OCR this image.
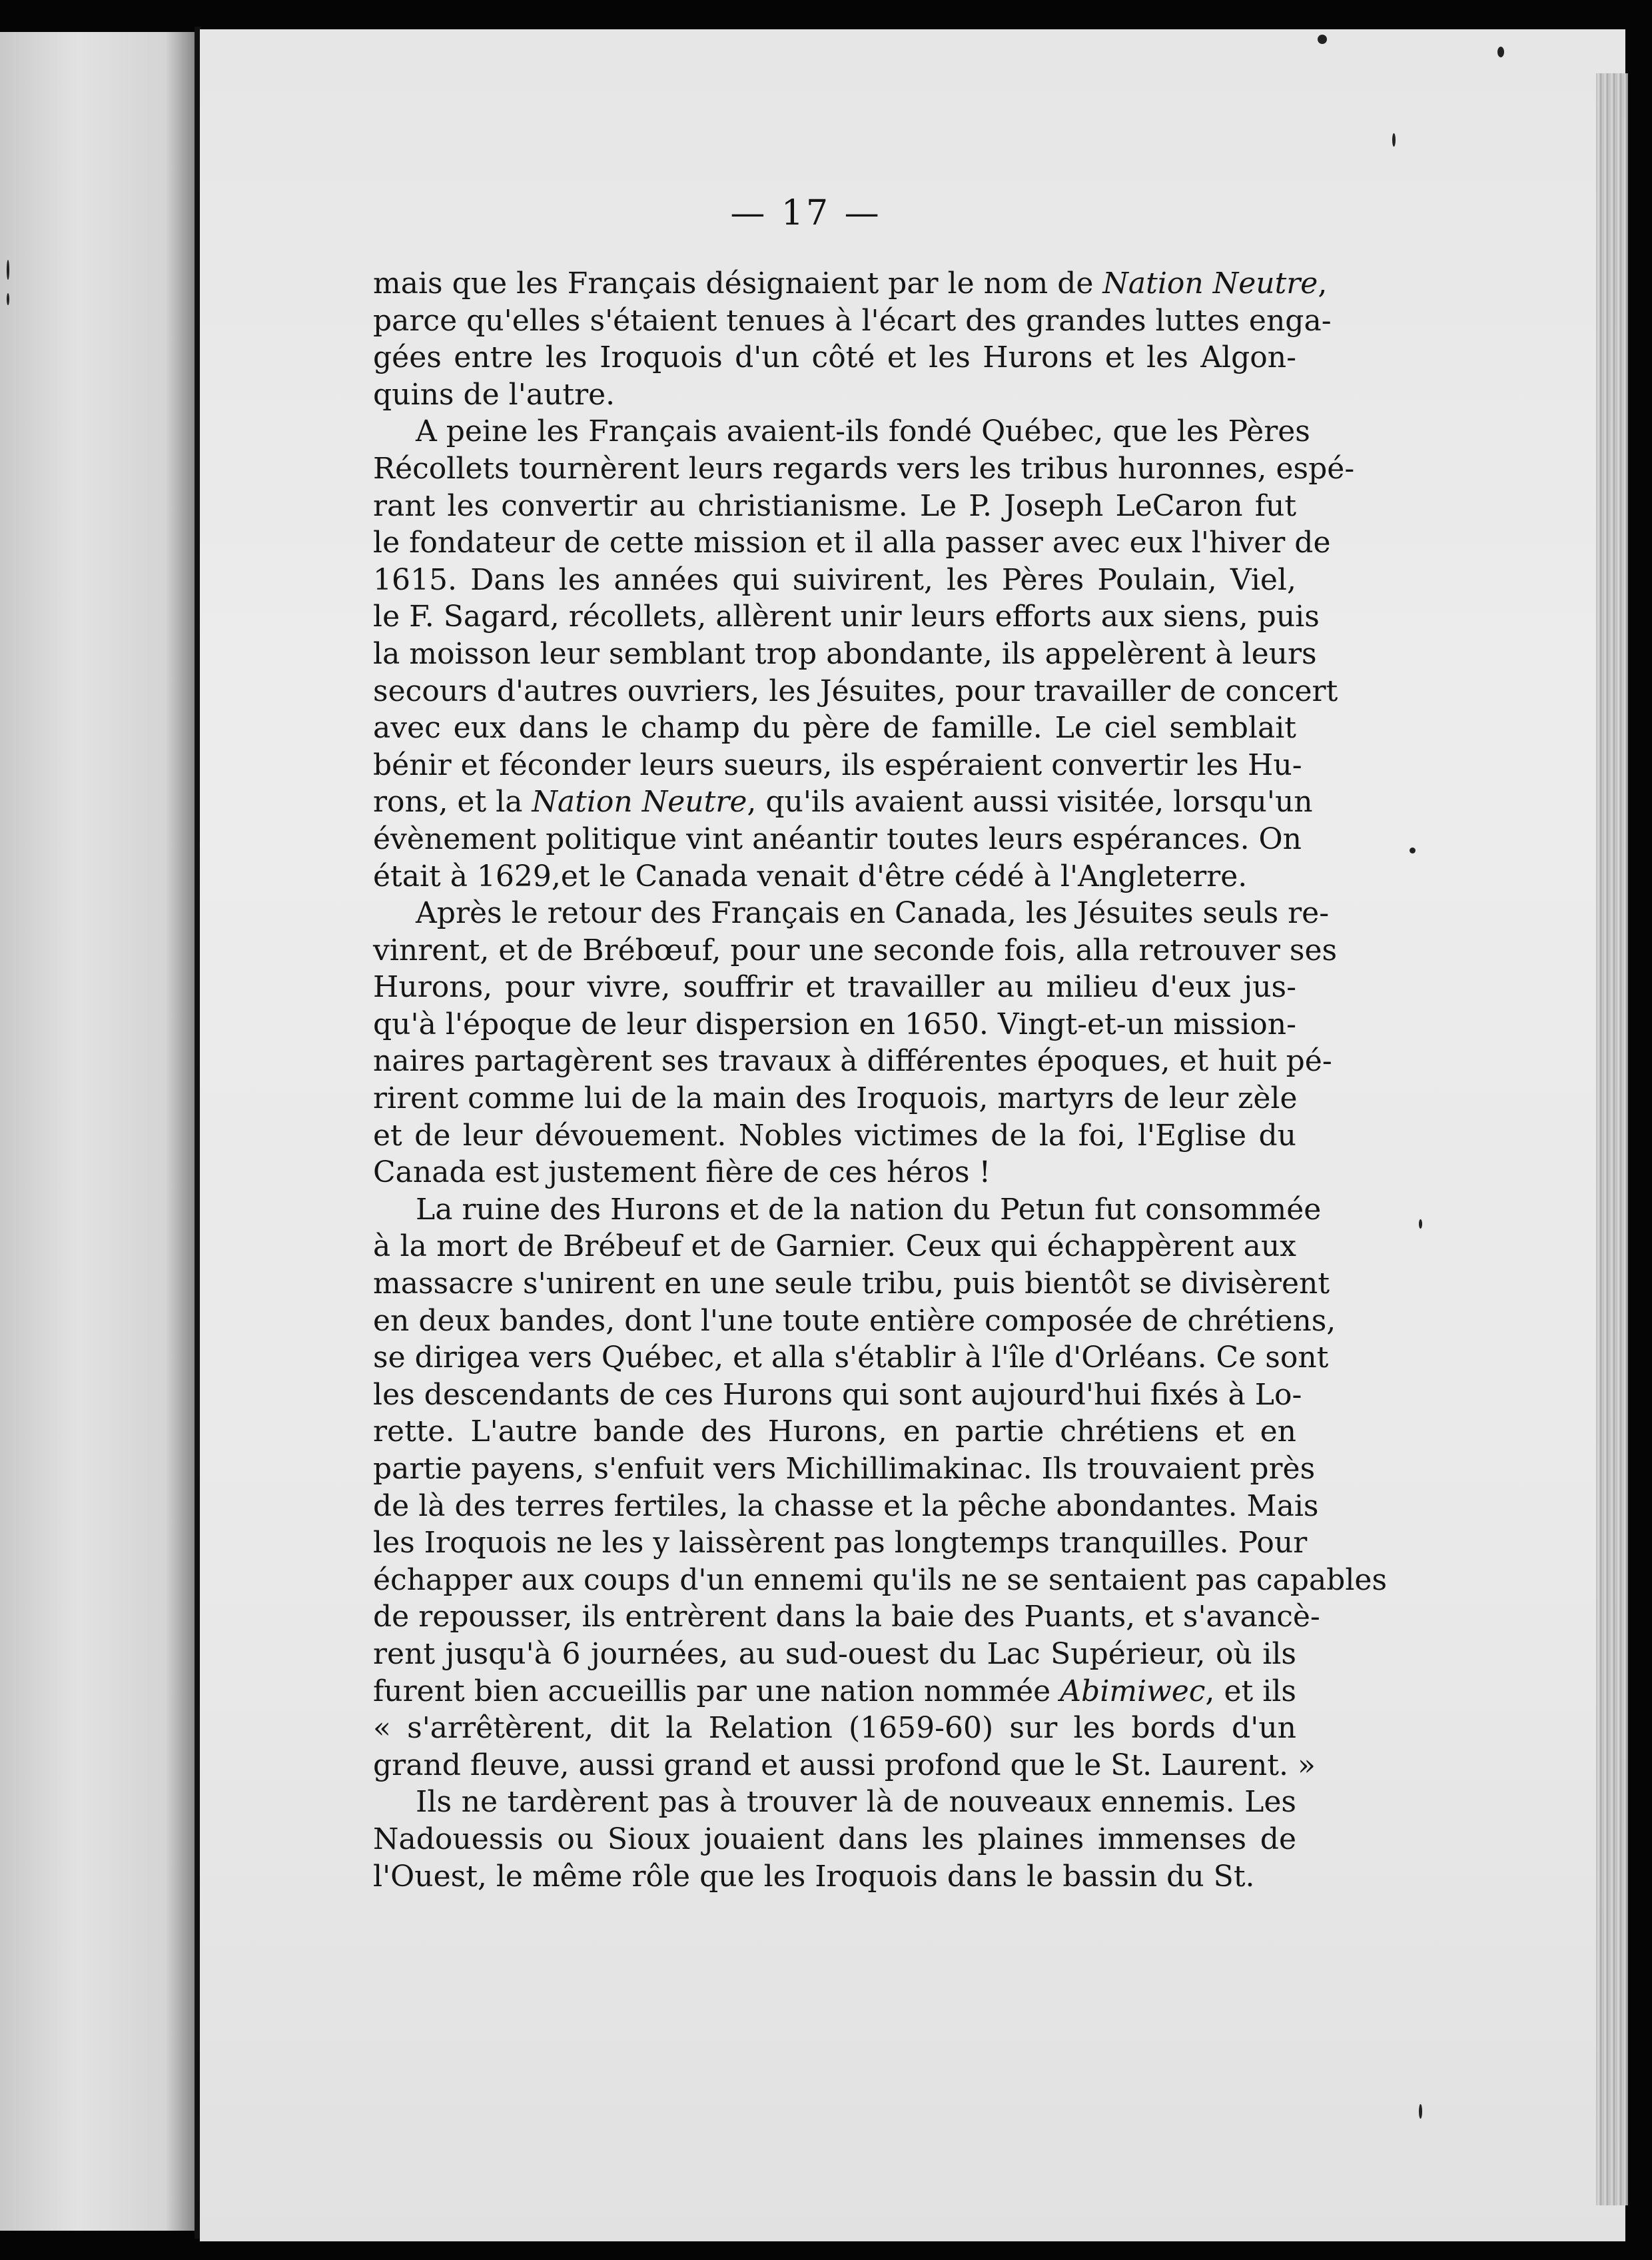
— 17 —
mais que les Français désignaient par le nom de Nation Neutre,
parce qu'elles s'étaient tenues à l'écart des grandes luttes enga-
gées entre les Iroquois d'un côté et les Hurons et les Algon-
quins de l'autre.
A peine les Français avaient-ils fondé Québec, que les Pères
Récollets tournèrent leurs regards vers les tribus huronnes, espé-
rant les convertir au christianisme. Le P. Joseph LeCaron fut
le fondateur de cette mission et il alla passer avec eux l'hiver de
1615. Dans les années qui suivirent, les Pères Poulain, Viel,
le F. Sagard, récollets, allèrent unir leurs efforts aux siens, puis
la moisson leur semblant trop abondante, ils appelèrent à leurs
secours d'autres ouvriers, les Jésuites, pour travailler de concert
avec eux dans le champ du père de famille. Le ciel semblait
bénir et féconder leurs sueurs, ils espéraient convertir les Hu-
rons, et la Nation Neutre, qu'ils avaient aussi visitée, lorsqu'un
évènement politique vint anéantir toutes leurs espérances. On
était à 1629,et le Canada venait d'être cédé à l'Angleterre.
Après le retour des Français en Canada, les Jésuites seuls re-
vinrent, et de Brébœuf, pour une seconde fois, alla retrouver ses
Hurons, pour vivre, souffrir et travailler au milieu d'eux jus-
qu'à l'époque de leur dispersion en 1650. Vingt-et-un mission-
naires partagèrent ses travaux à différentes époques, et huit pé-
rirent comme lui de la main des Iroquois, martyrs de leur zèle
et de leur dévouement. Nobles victimes de la foi, l'Eglise du
Canada est justement fière de ces héros !
La ruine des Hurons et de la nation du Petun fut consommée
à la mort de Brébeuf et de Garnier. Ceux qui échappèrent aux
massacre s'unirent en une seule tribu, puis bientôt se divisèrent
en deux bandes, dont l'une toute entière composée de chrétiens,
se dirigea vers Québec, et alla s'établir à l'île d'Orléans. Ce sont
les descendants de ces Hurons qui sont aujourd'hui fixés à Lo-
rette. L'autre bande des Hurons, en partie chrétiens et en
partie payens, s'enfuit vers Michillimakinac. Ils trouvaient près
de là des terres fertiles, la chasse et la pêche abondantes. Mais
les Iroquois ne les y laissèrent pas longtemps tranquilles. Pour
échapper aux coups d'un ennemi qu'ils ne se sentaient pas capables
de repousser, ils entrèrent dans la baie des Puants, et s'avancè-
rent jusqu'à 6 journées, au sud-ouest du Lac Supérieur, où ils
furent bien accueillis par une nation nommée Abimiwec, et ils
« s'arrêtèrent, dit la Relation (1659-60) sur les bords d'un
grand fleuve, aussi grand et aussi profond que le St. Laurent. »
Ils ne tardèrent pas à trouver là de nouveaux ennemis. Les
Nadouessis ou Sioux jouaient dans les plaines immenses de
l'Ouest, le même rôle que les Iroquois dans le bassin du St.
